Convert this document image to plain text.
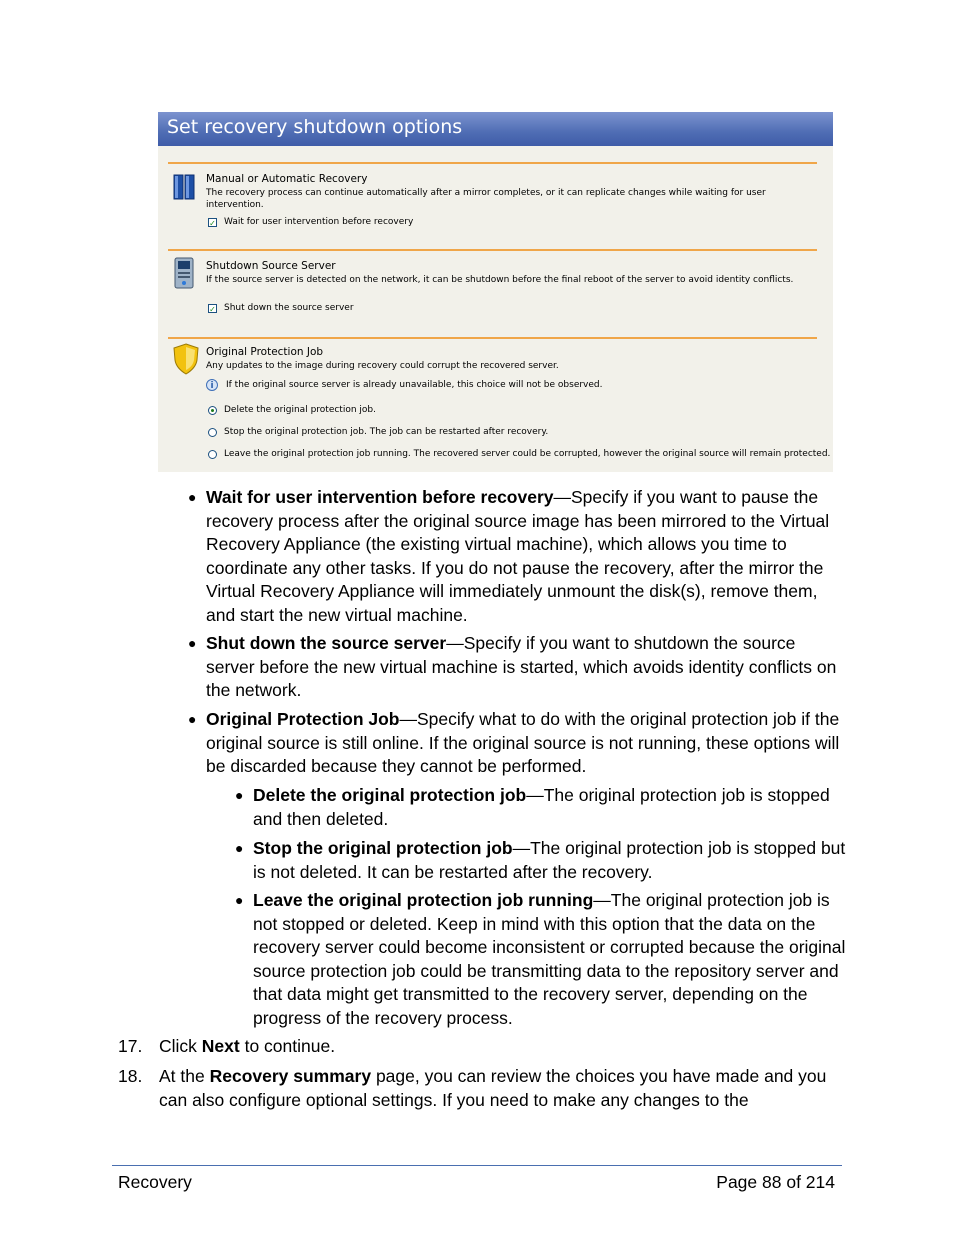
Set recovery shutdown options
Manual or Automatic Recovery
The recovery process can continue automatically after a mirror completes, or it can replicate changes while waiting for user intervention.
✓ Wait for user intervention before recovery
Shutdown Source Server
If the source server is detected on the network, it can be shutdown before the final reboot of the server to avoid identity conflicts.
✓ Shut down the source server
Original Protection Job
Any updates to the image during recovery could corrupt the recovered server.
i	If the original source server is already unavailable, this choice will not be observed.
Delete the original protection job.
Stop the original protection job. The job can be restarted after recovery.
Leave the original protection job running. The recovered server could be corrupted, however the original source will remain protected.
● Wait for user intervention before recovery—Specify if you want to pause the recovery process after the original source image has been mirrored to the Virtual Recovery Appliance (the existing virtual machine), which allows you time to coordinate any other tasks. If you do not pause the recovery, after the mirror the Virtual Recovery Appliance will immediately unmount the disk(s), remove them, and start the new virtual machine.
● Shut down the source server—Specify if you want to shutdown the source server before the new virtual machine is started, which avoids identity conflicts on the network.
● Original Protection Job—Specify what to do with the original protection job if the original source is still online. If the original source is not running, these options will be discarded because they cannot be performed.
● Delete the original protection job—The original protection job is stopped and then deleted.
● Stop the original protection job—The original protection job is stopped but is not deleted. It can be restarted after the recovery.
● Leave the original protection job running—The original protection job is not stopped or deleted. Keep in mind with this option that the data on the recovery server could become inconsistent or corrupted because the original source protection job could be transmitting data to the repository server and that data might get transmitted to the recovery server, depending on the progress of the recovery process.
17. Click Next to continue.
18. At the Recovery summary page, you can review the choices you have made and you can also configure optional settings. If you need to make any changes to the
Recovery	Page 88 of 214
